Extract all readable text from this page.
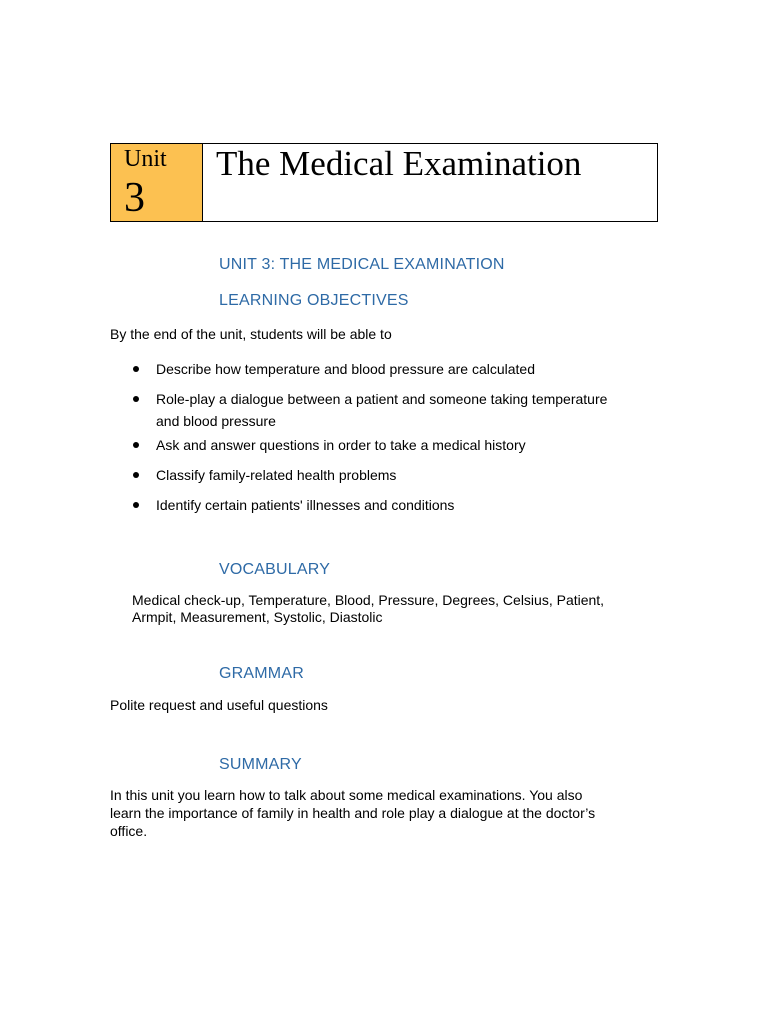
Unit
3
The Medical Examination
UNIT 3: THE MEDICAL EXAMINATION
LEARNING OBJECTIVES
By the end of the unit, students will be able to
Describe how temperature and blood pressure are calculated
Role-play a dialogue between a patient and someone taking temperature and blood pressure
Ask and answer questions in order to take a medical history
Classify family-related health problems
Identify certain patients' illnesses and conditions
VOCABULARY
Medical check-up, Temperature, Blood, Pressure, Degrees, Celsius, Patient,
Armpit, Measurement, Systolic, Diastolic
GRAMMAR
Polite request and useful questions
SUMMARY
In this unit you learn how to talk about some medical examinations. You also
learn the importance of family in health and role play a dialogue at the doctor’s
office.
